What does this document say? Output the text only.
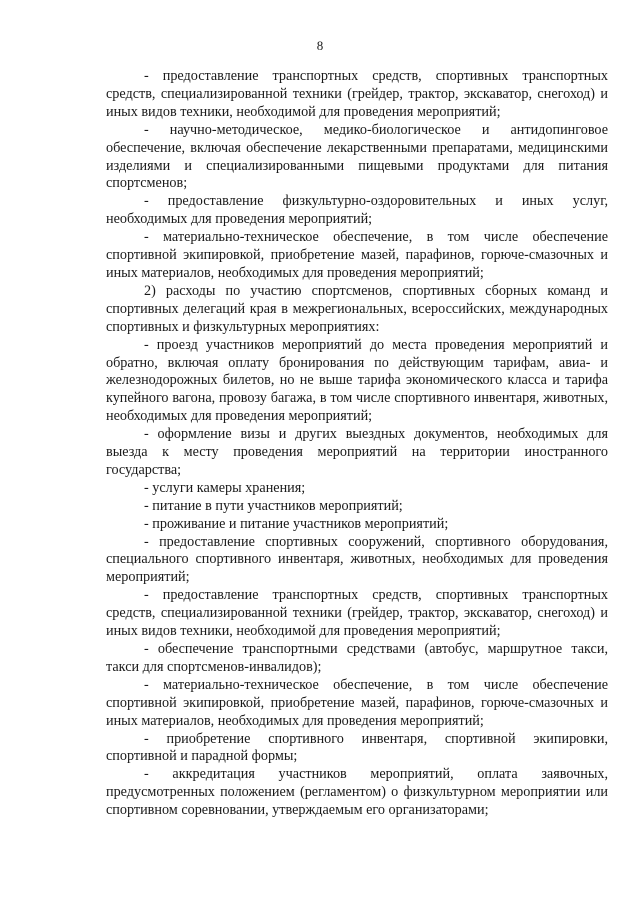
8

- предоставление транспортных средств, спортивных транспортных средств, специализированной техники (грейдер, трактор, экскаватор, снегоход) и иных видов техники, необходимой для проведения мероприятий;

- научно-методическое, медико-биологическое и антидопинговое обеспечение, включая обеспечение лекарственными препаратами, медицинскими изделиями и специализированными пищевыми продуктами для питания спортсменов;

- предоставление физкультурно-оздоровительных и иных услуг, необходимых для проведения мероприятий;

- материально-техническое обеспечение, в том числе обеспечение спортивной экипировкой, приобретение мазей, парафинов, горюче-смазочных и иных материалов, необходимых для проведения мероприятий;

2) расходы по участию спортсменов, спортивных сборных команд и спортивных делегаций края в межрегиональных, всероссийских, международных спортивных и физкультурных мероприятиях:

- проезд участников мероприятий до места проведения мероприятий и обратно, включая оплату бронирования по действующим тарифам, авиа- и железнодорожных билетов, но не выше тарифа экономического класса и тарифа купейного вагона, провозу багажа, в том числе спортивного инвентаря, животных, необходимых для проведения мероприятий;

- оформление визы и других выездных документов, необходимых для выезда к месту проведения мероприятий на территории иностранного государства;

- услуги камеры хранения;

- питание в пути участников мероприятий;

- проживание и питание участников мероприятий;

- предоставление спортивных сооружений, спортивного оборудования, специального спортивного инвентаря, животных, необходимых для проведения мероприятий;

- предоставление транспортных средств, спортивных транспортных средств, специализированной техники (грейдер, трактор, экскаватор, снегоход) и иных видов техники, необходимой для проведения мероприятий;

- обеспечение транспортными средствами (автобус, маршрутное такси, такси для спортсменов-инвалидов);

- материально-техническое обеспечение, в том числе обеспечение спортивной экипировкой, приобретение мазей, парафинов, горюче-смазочных и иных материалов, необходимых для проведения мероприятий;

- приобретение спортивного инвентаря, спортивной экипировки, спортивной и парадной формы;

- аккредитация участников мероприятий, оплата заявочных, предусмотренных положением (регламентом) о физкультурном мероприятии или спортивном соревновании, утверждаемым его организаторами;
